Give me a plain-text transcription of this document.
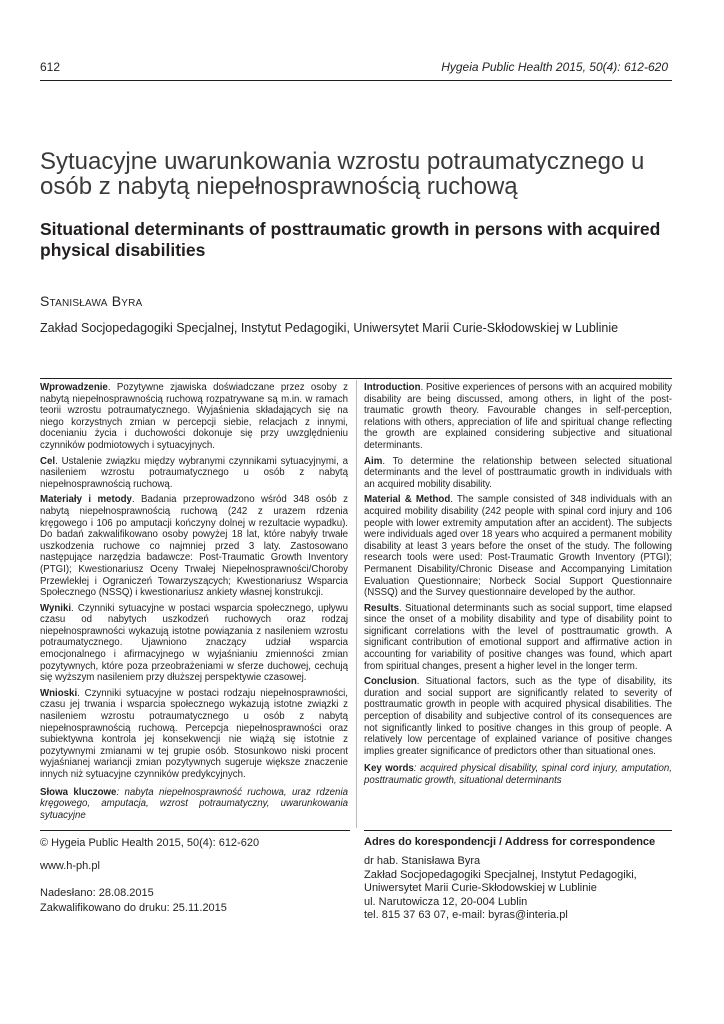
612	Hygeia Public Health 2015, 50(4): 612-620
Sytuacyjne uwarunkowania wzrostu potraumatycznego u osób z nabytą niepełnosprawnością ruchową
Situational determinants of posttraumatic growth in persons with acquired physical disabilities
Stanisława Byra
Zakład Socjopedagogiki Specjalnej, Instytut Pedagogiki, Uniwersytet Marii Curie-Skłodowskiej w Lublinie

Wprowadzenie. Pozytywne zjawiska doświadczane przez osoby z nabytą niepełnosprawnością ruchową rozpatrywane są m.in. w ramach teorii wzrostu potraumatycznego. Wyjaśnienia składających się na niego korzystnych zmian w percepcji siebie, relacjach z innymi, docenianiu życia i duchowości dokonuje się przy uwzględnieniu czynników podmiotowych i sytuacyjnych.

Cel. Ustalenie związku między wybranymi czynnikami sytuacyjnymi, a nasileniem wzrostu potraumatycznego u osób z nabytą niepełnosprawnością ruchową.

Materiały i metody. Badania przeprowadzono wśród 348 osób z nabytą niepełnosprawnością ruchową (242 z urazem rdzenia kręgowego i 106 po amputacji kończyny dolnej w rezultacie wypadku). Do badań zakwalifikowano osoby powyżej 18 lat, które nabyły trwałe uszkodzenia ruchowe co najmniej przed 3 laty. Zastosowano następujące narzędzia badawcze: Post-Traumatic Growth Inventory (PTGI); Kwestionariusz Oceny Trwałej Niepełnosprawności/Choroby Przewlekłej i Ograniczeń Towarzyszących; Kwestionariusz Wsparcia Społecznego (NSSQ) i kwestionariusz ankiety własnej konstrukcji.

Wyniki. Czynniki sytuacyjne w postaci wsparcia społecznego, upływu czasu od nabytych uszkodzeń ruchowych oraz rodzaj niepełnosprawności wykazują istotne powiązania z nasileniem wzrostu potraumatycznego. Ujawniono znaczący udział wsparcia emocjonalnego i afirmacyjnego w wyjaśnianiu zmienności zmian pozytywnych, które poza przeobrażeniami w sferze duchowej, cechują się wyższym nasileniem przy dłuższej perspektywie czasowej.

Wnioski. Czynniki sytuacyjne w postaci rodzaju niepełnosprawności, czasu jej trwania i wsparcia społecznego wykazują istotne związki z nasileniem wzrostu potraumatycznego u osób z nabytą niepełnosprawnością ruchową. Percepcja niepełnosprawności oraz subiektywna kontrola jej konsekwencji nie wiążą się istotnie z pozytywnymi zmianami w tej grupie osób. Stosunkowo niski procent wyjaśnianej wariancji zmian pozytywnych sugeruje większe znaczenie innych niż sytuacyjne czynników predykcyjnych.

Słowa kluczowe: nabyta niepełnosprawność ruchowa, uraz rdzenia kręgowego, amputacja, wzrost potraumatyczny, uwarunkowania sytuacyjne

Introduction. Positive experiences of persons with an acquired mobility disability are being discussed, among others, in light of the post-traumatic growth theory. Favourable changes in self-perception, relations with others, appreciation of life and spiritual change reflecting the growth are explained considering subjective and situational determinants.

Aim. To determine the relationship between selected situational determinants and the level of posttraumatic growth in individuals with an acquired mobility disability.

Material & Method. The sample consisted of 348 individuals with an acquired mobility disability (242 people with spinal cord injury and 106 people with lower extremity amputation after an accident). The subjects were individuals aged over 18 years who acquired a permanent mobility disability at least 3 years before the onset of the study. The following research tools were used: Post-Traumatic Growth Inventory (PTGI); Permanent Disability/Chronic Disease and Accompanying Limitation Evaluation Questionnaire; Norbeck Social Support Questionnaire (NSSQ) and the Survey questionnaire developed by the author.

Results. Situational determinants such as social support, time elapsed since the onset of a mobility disability and type of disability point to significant correlations with the level of posttraumatic growth. A significant contribution of emotional support and affirmative action in accounting for variability of positive changes was found, which apart from spiritual changes, present a higher level in the longer term.

Conclusion. Situational factors, such as the type of disability, its duration and social support are significantly related to severity of posttraumatic growth in people with acquired physical disabilities. The perception of disability and subjective control of its consequences are not significantly linked to positive changes in this group of people. A relatively low percentage of explained variance of positive changes implies greater significance of predictors other than situational ones.

Key words: acquired physical disability, spinal cord injury, amputation, posttraumatic growth, situational determinants

© Hygeia Public Health 2015, 50(4): 612-620
www.h-ph.pl
Nadesłano: 28.08.2015
Zakwalifikowano do druku: 25.11.2015
Adres do korespondencji / Address for correspondence
dr hab. Stanisława Byra
Zakład Socjopedagogiki Specjalnej, Instytut Pedagogiki,
Uniwersytet Marii Curie-Skłodowskiej w Lublinie
ul. Narutowicza 12, 20-004 Lublin
tel. 815 37 63 07, e-mail: byras@interia.pl
